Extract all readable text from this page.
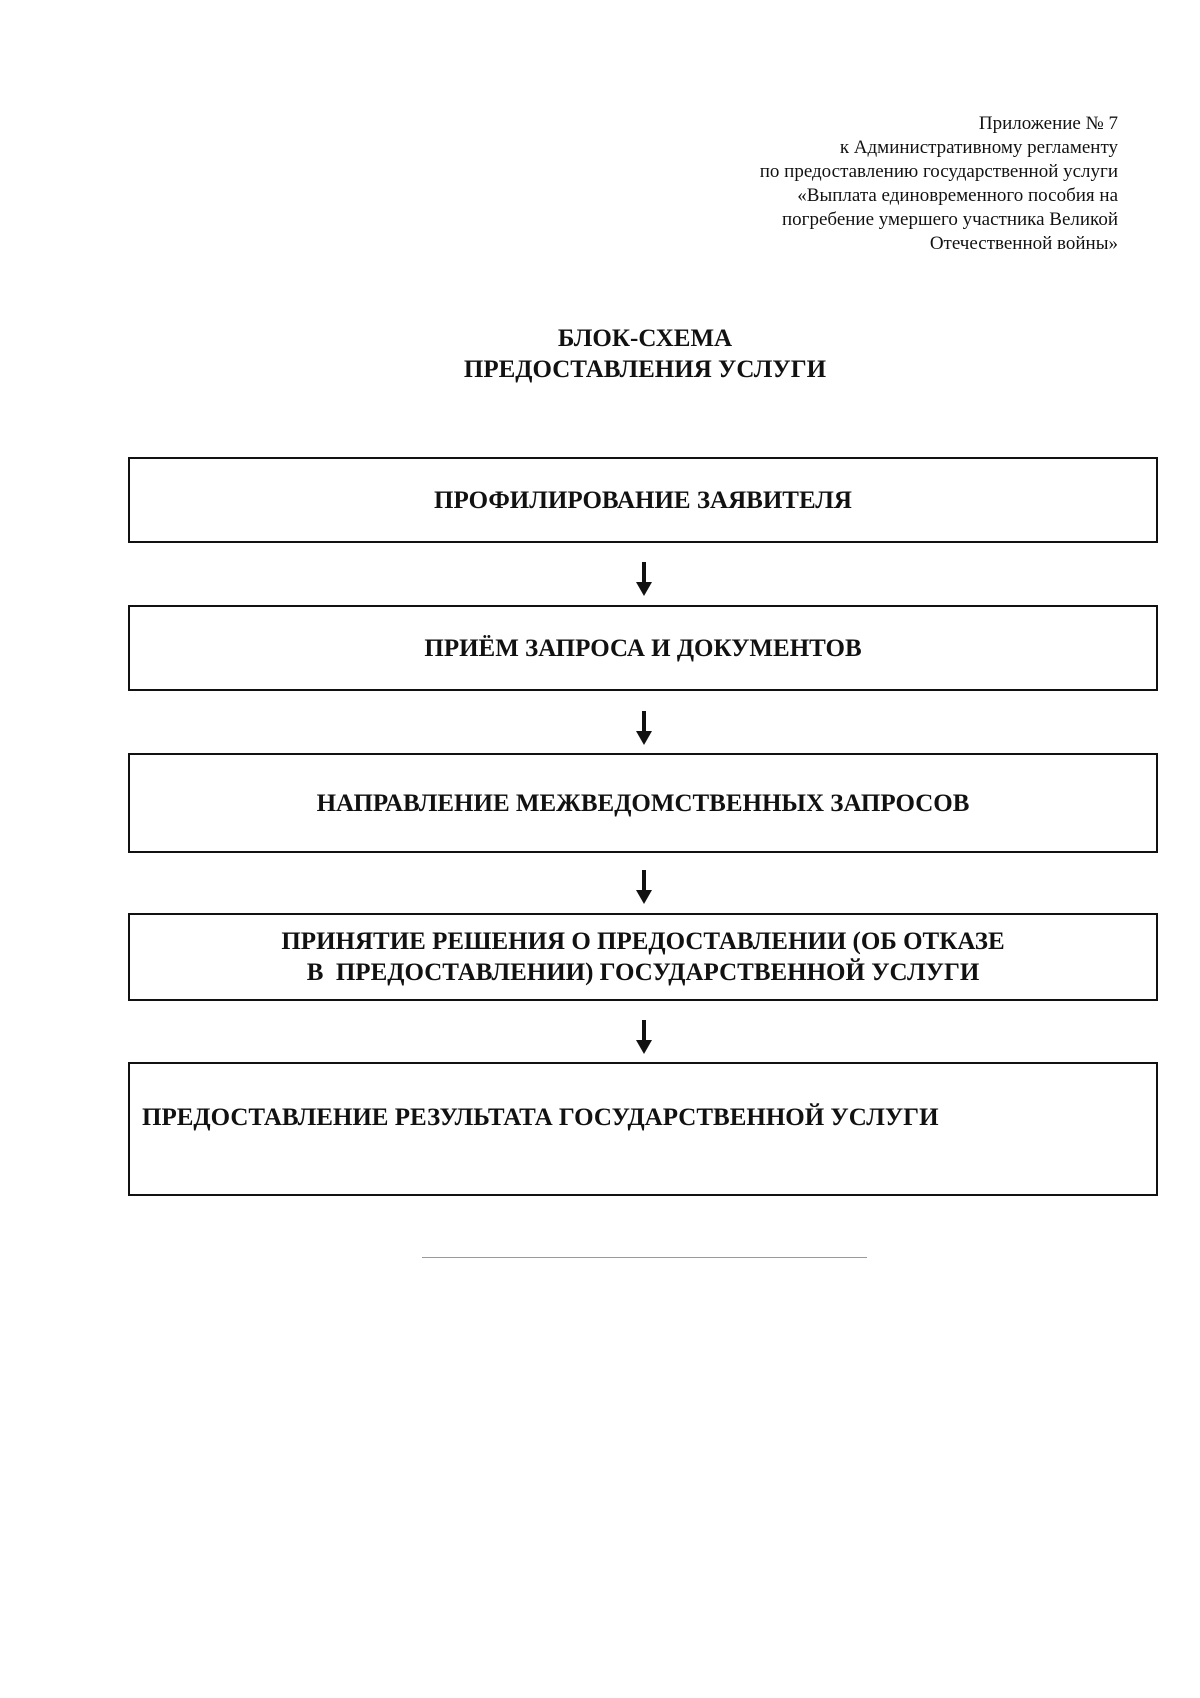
Приложение № 7
к Административному регламенту
по предоставлению государственной услуги
«Выплата единовременного пособия на
погребение умершего участника Великой
Отечественной войны»
БЛОК-СХЕМА
ПРЕДОСТАВЛЕНИЯ УСЛУГИ
ПРОФИЛИРОВАНИЕ ЗАЯВИТЕЛЯ
ПРИЁМ ЗАПРОСА И ДОКУМЕНТОВ
НАПРАВЛЕНИЕ МЕЖВЕДОМСТВЕННЫХ ЗАПРОСОВ
ПРИНЯТИЕ РЕШЕНИЯ О ПРЕДОСТАВЛЕНИИ (ОБ ОТКАЗЕ
В  ПРЕДОСТАВЛЕНИИ) ГОСУДАРСТВЕННОЙ УСЛУГИ
ПРЕДОСТАВЛЕНИЕ РЕЗУЛЬТАТА ГОСУДАРСТВЕННОЙ УСЛУГИ
